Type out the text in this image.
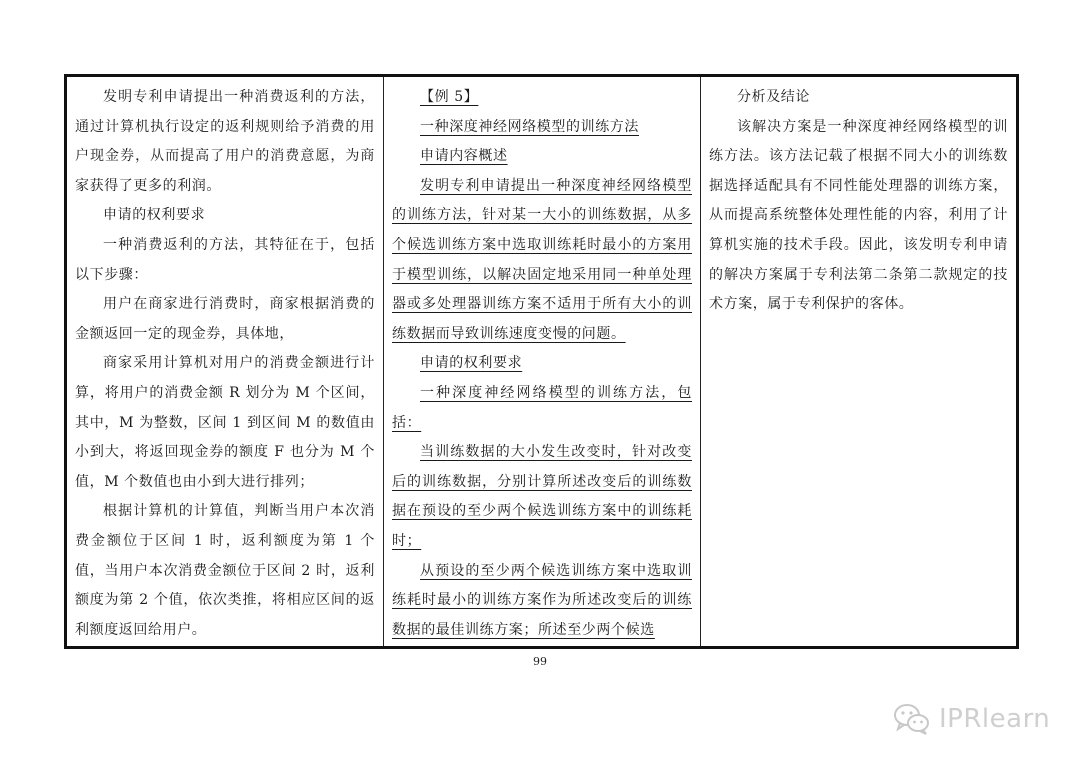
发明专利申请提出一种消费返利的方法，通过计算机执行设定的返利规则给予消费的用户现金券，从而提高了用户的消费意愿，为商家获得了更多的利润。

申请的权利要求

一种消费返利的方法，其特征在于，包括以下步骤：

用户在商家进行消费时，商家根据消费的金额返回一定的现金券，具体地，

商家采用计算机对用户的消费金额进行计算，将用户的消费金额 R 划分为 M 个区间，其中，M 为整数，区间 1 到区间 M 的数值由小到大，将返回现金券的额度 F 也分为 M 个值，M 个数值也由小到大进行排列；

根据计算机的计算值，判断当用户本次消费金额位于区间 1 时，返利额度为第 1 个值，当用户本次消费金额位于区间 2 时，返利额度为第 2 个值，依次类推，将相应区间的返利额度返回给用户。

【例 5】

一种深度神经网络模型的训练方法

申请内容概述

发明专利申请提出一种深度神经网络模型的训练方法，针对某一大小的训练数据，从多个候选训练方案中选取训练耗时最小的方案用于模型训练，以解决固定地采用同一种单处理器或多处理器训练方案不适用于所有大小的训练数据而导致训练速度变慢的问题。

申请的权利要求

一种深度神经网络模型的训练方法，包括：

当训练数据的大小发生改变时，针对改变后的训练数据，分别计算所述改变后的训练数据在预设的至少两个候选训练方案中的训练耗时；

从预设的至少两个候选训练方案中选取训练耗时最小的训练方案作为所述改变后的训练数据的最佳训练方案；所述至少两个候选

分析及结论

该解决方案是一种深度神经网络模型的训练方法。该方法记载了根据不同大小的训练数据选择适配具有不同性能处理器的训练方案，从而提高系统整体处理性能的内容，利用了计算机实施的技术手段。因此，该发明专利申请的解决方案属于专利法第二条第二款规定的技术方案，属于专利保护的客体。

99
IPRlearn
